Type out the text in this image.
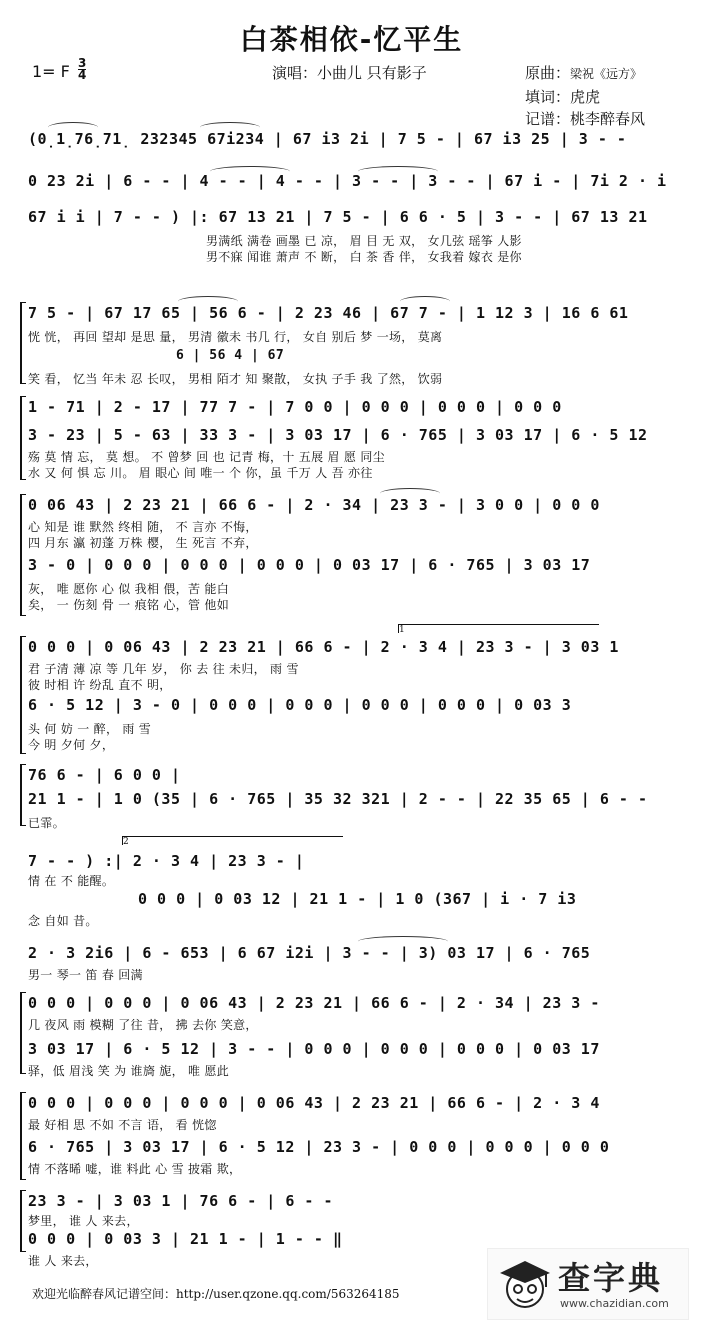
白茶相依-忆平生
1= F 3
4	演唱：小曲儿 只有影子	原曲：梁祝《远方》
填词：虎虎
记谱：桃李醉春风
(0̣1̣76̣71̣ 232345 67i234 | 67 i3 2i | 7 5 - | 67 i3 25 | 3 - -
0 23 2i | 6 - - | 4 - - | 4 - - | 3 - - | 3 - - | 67 i - | 7i 2 · i
67 i i | 7 - - ) |: 67 13 21 | 7 5 - | 6 6 · 5 | 3 - - | 67 13 21
男满纸 满卷 画墨 已 凉， 眉 目 无 双， 女几弦 瑶筝 人影
男不寐 闻谁 萧声 不 断， 白 茶 香 伴， 女我着 嫁衣 是你
7 5 - | 67 17 65 | 56 6 - | 2 23 46 | 67 7 - | 1 12 3 | 16 6 61
恍 恍， 再回 望却 是思 量， 男清 徽未 书几 行， 女自 别后 梦 一场， 莫离
6 | 56 4 | 67
笑 看， 忆当 年未 忍 长叹， 男相 陌才 知 聚散， 女执 子手 我 了然， 饮弱
1 - 71 | 2 - 17 | 77 7 - | 7 0 0 | 0 0 0 | 0 0 0 | 0 0 0
3 - 23 | 5 - 63 | 33 3 - | 3 03 17 | 6 · 765 | 3 03 17 | 6 · 5 12
殇 莫 情 忘， 莫 想。 不 曾梦 回 也 记青 梅，十 五展 眉 愿 同尘
水 又 何 惧 忘 川。 眉 眼心 间 唯一 个 你，虽 千万 人 吾 亦往
0 06 43 | 2 23 21 | 66 6 - | 2 · 34 | 23 3 - | 3 0 0 | 0 0 0
心 知是 谁 默然 终相 随， 不 言亦 不悔，
四 月东 瀛 初蓬 万株 樱， 生 死言 不弃，
3 - 0 | 0 0 0 | 0 0 0 | 0 0 0 | 0 03 17 | 6 · 765 | 3 03 17
灰， 唯 愿你 心 似 我相 偎，苦 能白
矣， 一 伤刻 骨 一 痕铭 心，管 他如
1
0 0 0 | 0 06 43 | 2 23 21 | 66 6 - | 2 · 3 4 | 23 3 - | 3 03 1
君 子清 薄 凉 等 几年 岁， 你 去 往 未归， 雨 雪
彼 时相 许 纷乱 直不 明，
6 · 5 12 | 3 - 0 | 0 0 0 | 0 0 0 | 0 0 0 | 0 0 0 | 0 03 3
头 何 妨 一 醉， 雨 雪
今 明 夕何 夕，
76 6 - | 6 0 0 |
21 1 - | 1 0 (35 | 6 · 765 | 35 32 321 | 2 - - | 22 35 65 | 6 - -
已霏。
2
7 - - ) :| 2 · 3 4 | 23 3 - |
情 在 不 能醒。
0 0 0 | 0 03 12 | 21 1 - | 1 0 (367 | i · 7 i3
念 自如 昔。
2 · 3 2i6 | 6 - 653 | 6 67 i2i | 3 - - | 3) 03 17 | 6 · 765
男一 琴一 笛 春 回满
0 0 0 | 0 0 0 | 0 06 43 | 2 23 21 | 66 6 - | 2 · 34 | 23 3 -
几 夜风 雨 模糊 了往 昔， 拂 去你 笑意，
3 03 17 | 6 · 5 12 | 3 - - | 0 0 0 | 0 0 0 | 0 0 0 | 0 03 17
驿，低 眉浅 笑 为 谁旖 旎， 唯 愿此
0 0 0 | 0 0 0 | 0 0 0 | 0 06 43 | 2 23 21 | 66 6 - | 2 · 3 4
最 好相 思 不如 不言 语， 看 恍惚
6 · 765 | 3 03 17 | 6 · 5 12 | 23 3 - | 0 0 0 | 0 0 0 | 0 0 0
情 不落晞 嘘，谁 料此 心 雪 披霜 欺，
23 3 - | 3 03 1 | 76 6 - | 6 - -
梦里， 谁 人 来去，
0 0 0 | 0 03 3 | 21 1 - | 1 - - ‖
谁 人 来去，
欢迎光临醉春风记谱空间：http://user.qzone.qq.com/563264185	查字典
www.chazidian.com
